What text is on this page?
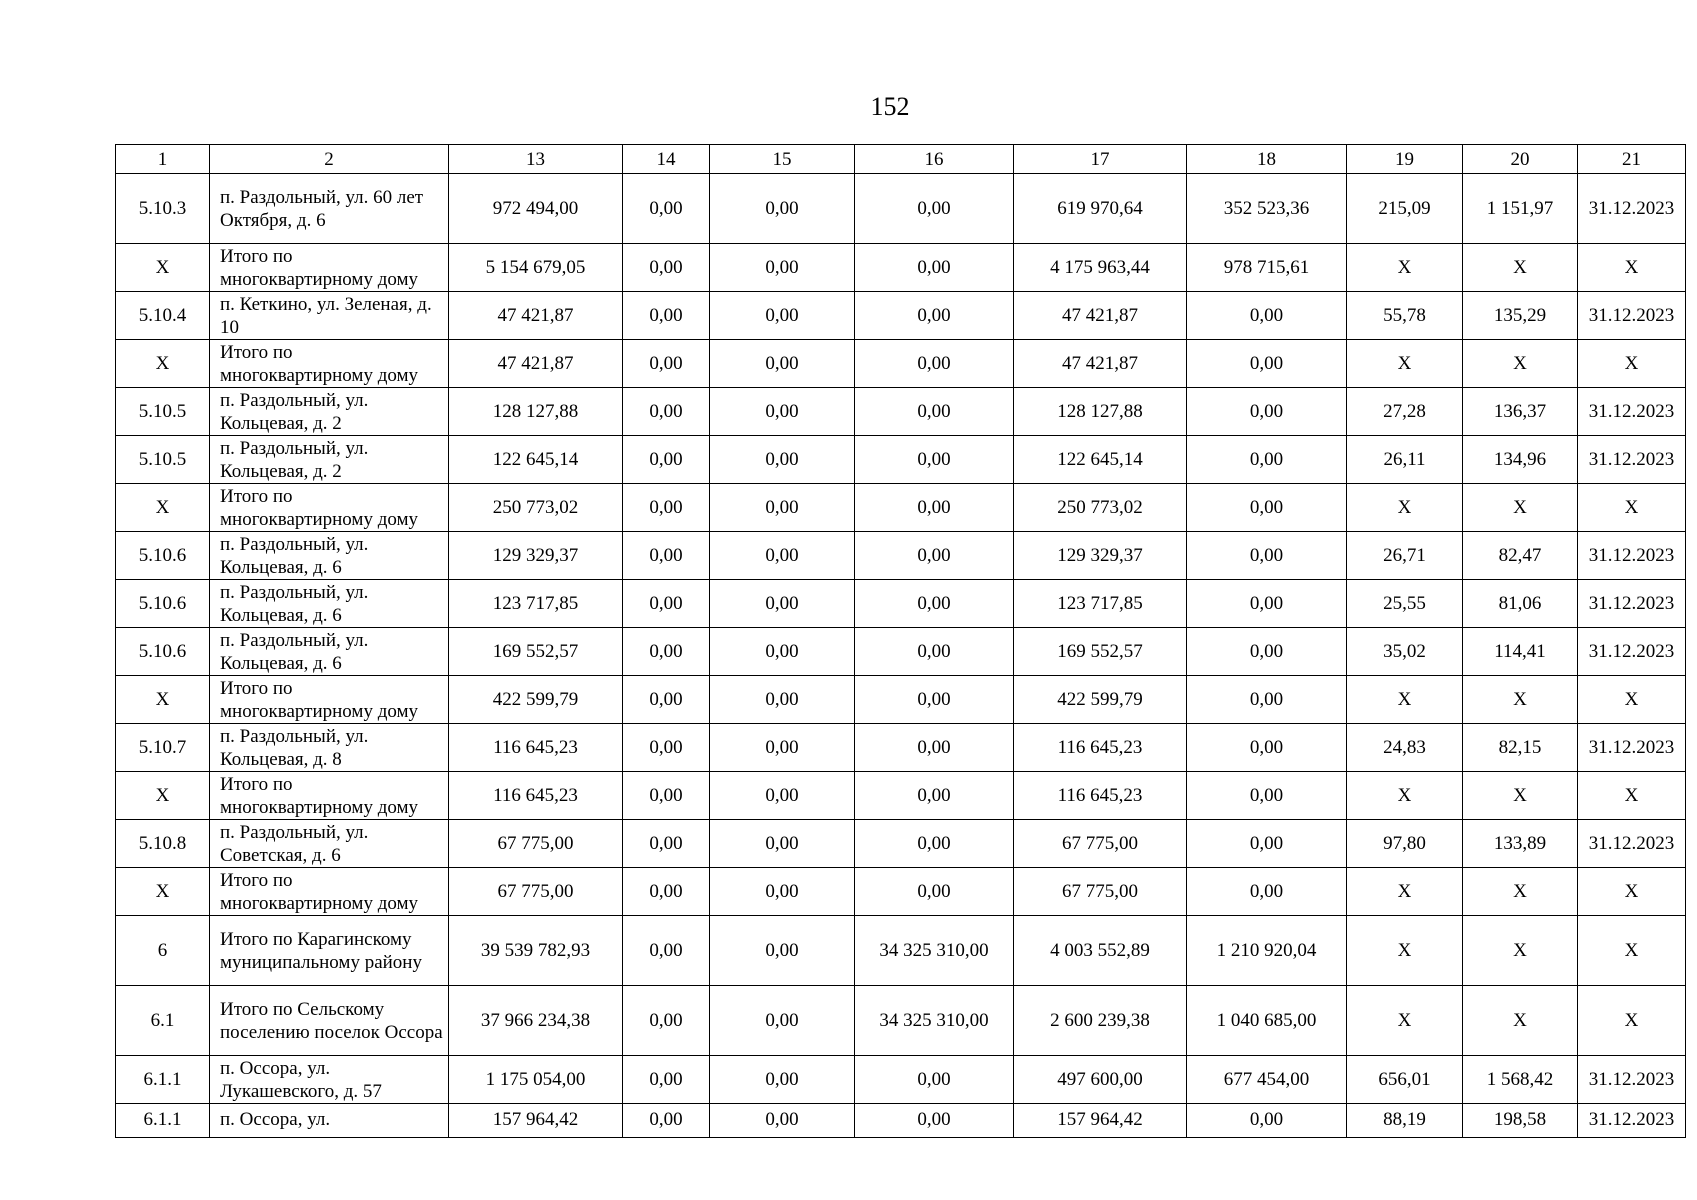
152
1	2	13	14	15	16	17	18	19	20	21
5.10.3	п. Раздольный, ул. 60 лет Октября, д. 6	972 494,00	0,00	0,00	0,00	619 970,64	352 523,36	215,09	1 151,97	31.12.2023
Х	Итого по многоквартирному дому	5 154 679,05	0,00	0,00	0,00	4 175 963,44	978 715,61	Х	Х	Х
5.10.4	п. Кеткино, ул. Зеленая, д. 10	47 421,87	0,00	0,00	0,00	47 421,87	0,00	55,78	135,29	31.12.2023
Х	Итого по многоквартирному дому	47 421,87	0,00	0,00	0,00	47 421,87	0,00	Х	Х	Х
5.10.5	п. Раздольный, ул. Кольцевая, д. 2	128 127,88	0,00	0,00	0,00	128 127,88	0,00	27,28	136,37	31.12.2023
5.10.5	п. Раздольный, ул. Кольцевая, д. 2	122 645,14	0,00	0,00	0,00	122 645,14	0,00	26,11	134,96	31.12.2023
Х	Итого по многоквартирному дому	250 773,02	0,00	0,00	0,00	250 773,02	0,00	Х	Х	Х
5.10.6	п. Раздольный, ул. Кольцевая, д. 6	129 329,37	0,00	0,00	0,00	129 329,37	0,00	26,71	82,47	31.12.2023
5.10.6	п. Раздольный, ул. Кольцевая, д. 6	123 717,85	0,00	0,00	0,00	123 717,85	0,00	25,55	81,06	31.12.2023
5.10.6	п. Раздольный, ул. Кольцевая, д. 6	169 552,57	0,00	0,00	0,00	169 552,57	0,00	35,02	114,41	31.12.2023
Х	Итого по многоквартирному дому	422 599,79	0,00	0,00	0,00	422 599,79	0,00	Х	Х	Х
5.10.7	п. Раздольный, ул. Кольцевая, д. 8	116 645,23	0,00	0,00	0,00	116 645,23	0,00	24,83	82,15	31.12.2023
Х	Итого по многоквартирному дому	116 645,23	0,00	0,00	0,00	116 645,23	0,00	Х	Х	Х
5.10.8	п. Раздольный, ул. Советская, д. 6	67 775,00	0,00	0,00	0,00	67 775,00	0,00	97,80	133,89	31.12.2023
Х	Итого по многоквартирному дому	67 775,00	0,00	0,00	0,00	67 775,00	0,00	Х	Х	Х
6	Итого по Карагинскому муниципальному району	39 539 782,93	0,00	0,00	34 325 310,00	4 003 552,89	1 210 920,04	Х	Х	Х
6.1	Итого по Сельскому поселению поселок Оссора	37 966 234,38	0,00	0,00	34 325 310,00	2 600 239,38	1 040 685,00	Х	Х	Х
6.1.1	п. Оссора, ул. Лукашевского, д. 57	1 175 054,00	0,00	0,00	0,00	497 600,00	677 454,00	656,01	1 568,42	31.12.2023
6.1.1	п. Оссора, ул.	157 964,42	0,00	0,00	0,00	157 964,42	0,00	88,19	198,58	31.12.2023
